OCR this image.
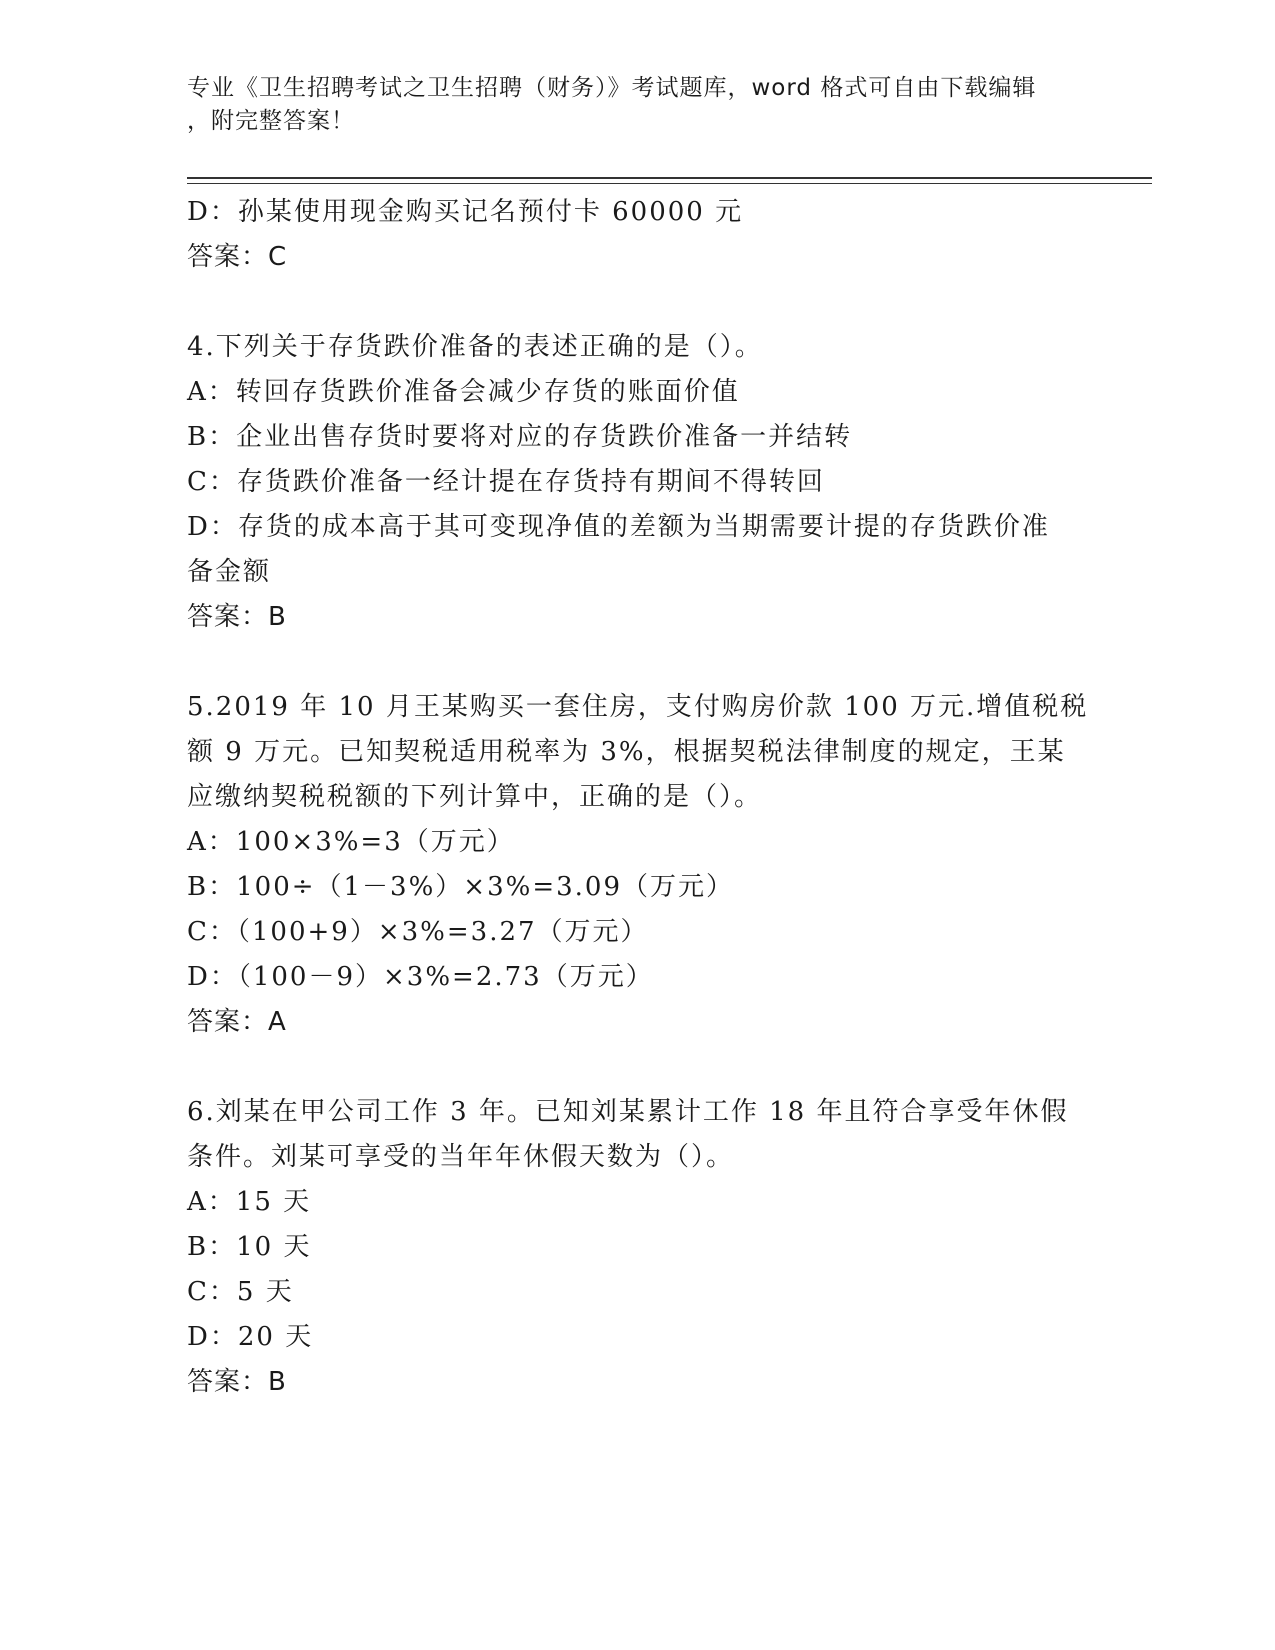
专业《卫生招聘考试之卫生招聘（财务）》考试题库，word 格式可自由下载编辑
，附完整答案！
D：孙某使用现金购买记名预付卡 60000 元
答案：C
4.下列关于存货跌价准备的表述正确的是（）。
A：转回存货跌价准备会减少存货的账面价值
B：企业出售存货时要将对应的存货跌价准备一并结转
C：存货跌价准备一经计提在存货持有期间不得转回
D：存货的成本高于其可变现净值的差额为当期需要计提的存货跌价准
备金额
答案：B
5.2019 年 10 月王某购买一套住房，支付购房价款 100 万元.增值税税
额 9 万元。已知契税适用税率为 3%，根据契税法律制度的规定，王某
应缴纳契税税额的下列计算中，正确的是（）。
A：100×3%=3（万元）
B：100÷（1－3%）×3%=3.09（万元）
C：（100+9）×3%=3.27（万元）
D：（100－9）×3%=2.73（万元）
答案：A
6.刘某在甲公司工作 3 年。已知刘某累计工作 18 年且符合享受年休假
条件。刘某可享受的当年年休假天数为（）。
A：15 天
B：10 天
C：5 天
D：20 天
答案：B
